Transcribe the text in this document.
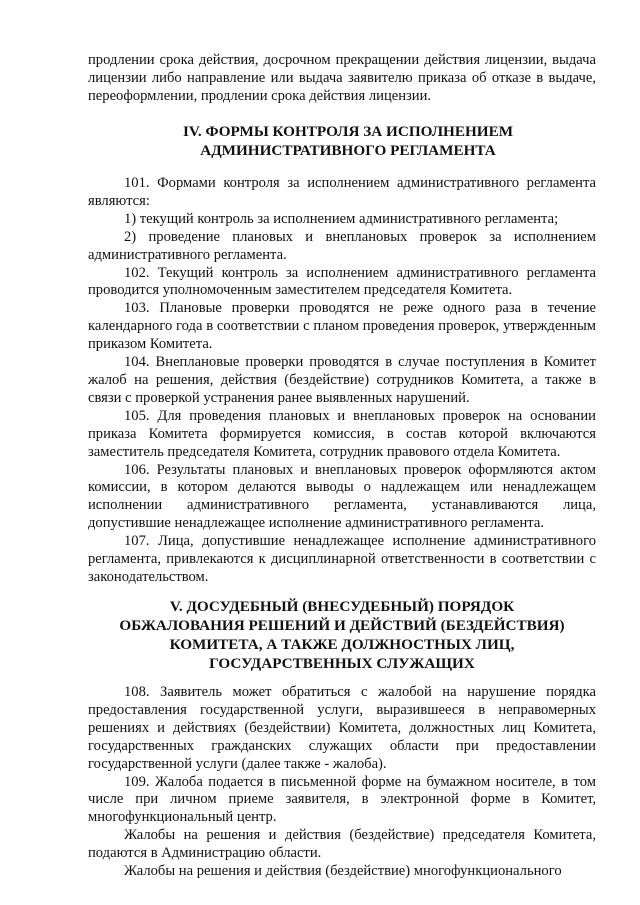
продлении срока действия, досрочном прекращении действия лицензии, выдача лицензии либо направление или выдача заявителю приказа об отказе в выдаче, переоформлении, продлении срока действия лицензии.

IV. ФОРМЫ КОНТРОЛЯ ЗА ИСПОЛНЕНИЕМ
АДМИНИСТРАТИВНОГО РЕГЛАМЕНТА

101. Формами контроля за исполнением административного регламента являются:

1) текущий контроль за исполнением административного регламента;

2) проведение плановых и внеплановых проверок за исполнением административного регламента.

102. Текущий контроль за исполнением административного регламента проводится уполномоченным заместителем председателя Комитета.

103. Плановые проверки проводятся не реже одного раза в течение календарного года в соответствии с планом проведения проверок, утвержденным приказом Комитета.

104. Внеплановые проверки проводятся в случае поступления в Комитет жалоб на решения, действия (бездействие) сотрудников Комитета, а также в связи с проверкой устранения ранее выявленных нарушений.

105. Для проведения плановых и внеплановых проверок на основании приказа Комитета формируется комиссия, в состав которой включаются заместитель председателя Комитета, сотрудник правового отдела Комитета.

106. Результаты плановых и внеплановых проверок оформляются актом комиссии, в котором делаются выводы о надлежащем или ненадлежащем исполнении административного регламента, устанавливаются лица, допустившие ненадлежащее исполнение административного регламента.

107. Лица, допустившие ненадлежащее исполнение административного регламента, привлекаются к дисциплинарной ответственности в соответствии с законодательством.

V. ДОСУДЕБНЫЙ (ВНЕСУДЕБНЫЙ) ПОРЯДОК
ОБЖАЛОВАНИЯ РЕШЕНИЙ И ДЕЙСТВИЙ (БЕЗДЕЙСТВИЯ)
КОМИТЕТА, А ТАКЖЕ ДОЛЖНОСТНЫХ ЛИЦ,
ГОСУДАРСТВЕННЫХ СЛУЖАЩИХ

108. Заявитель может обратиться с жалобой на нарушение порядка предоставления государственной услуги, выразившееся в неправомерных решениях и действиях (бездействии) Комитета, должностных лиц Комитета, государственных гражданских служащих области при предоставлении государственной услуги (далее также - жалоба).

109. Жалоба подается в письменной форме на бумажном носителе, в том числе при личном приеме заявителя, в электронной форме в Комитет, многофункциональный центр.

Жалобы на решения и действия (бездействие) председателя Комитета, подаются в Администрацию области.

Жалобы на решения и действия (бездействие) многофункционального
